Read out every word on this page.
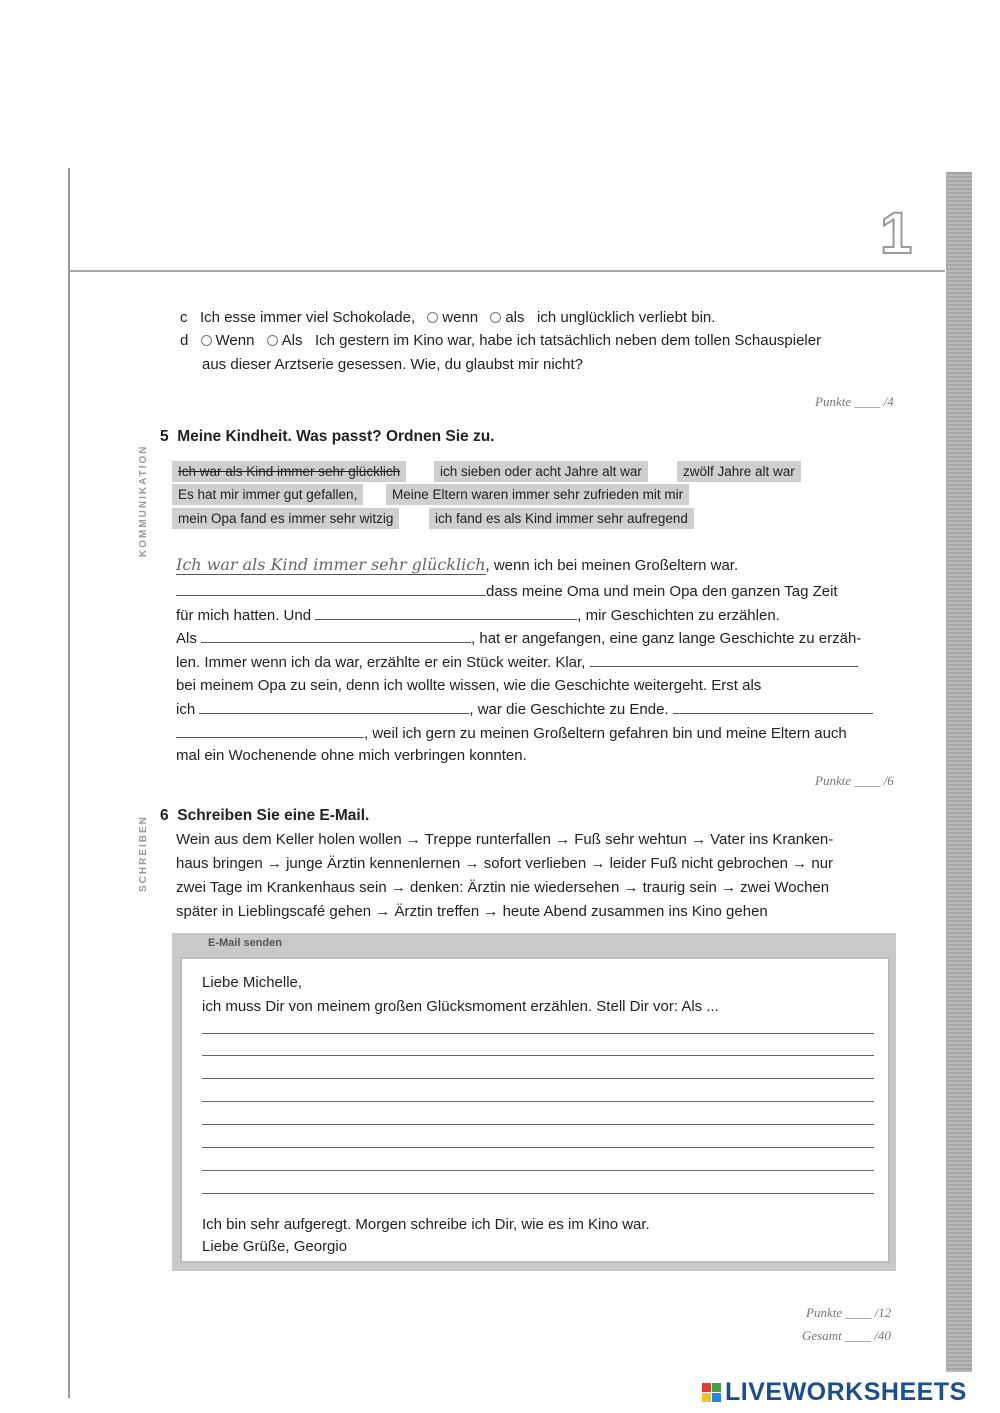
1
c Ich esse immer viel Schokolade, wenn als ich unglücklich verliebt bin.
d Wenn Als Ich gestern im Kino war, habe ich tatsächlich neben dem tollen Schauspieler
aus dieser Arztserie gesessen. Wie, du glaubst mir nicht?
Punkte ____ /4
KOMMUNIKATION
SCHREIBEN
5 Meine Kindheit. Was passt? Ordnen Sie zu.
Ich war als Kind immer sehr glücklich	ich sieben oder acht Jahre alt war	zwölf Jahre alt war
Es hat mir immer gut gefallen,	Meine Eltern waren immer sehr zufrieden mit mir
mein Opa fand es immer sehr witzig	ich fand es als Kind immer sehr aufregend
Ich war als Kind immer sehr glücklich, wenn ich bei meinen Großeltern war.
dass meine Oma und mein Opa den ganzen Tag Zeit
für mich hatten. Und	, mir Geschichten zu erzählen.
Als	, hat er angefangen, eine ganz lange Geschichte zu erzäh-
len. Immer wenn ich da war, erzählte er ein Stück weiter. Klar,
bei meinem Opa zu sein, denn ich wollte wissen, wie die Geschichte weitergeht. Erst als
ich	, war die Geschichte zu Ende.
, weil ich gern zu meinen Großeltern gefahren bin und meine Eltern auch
mal ein Wochenende ohne mich verbringen konnten.
Punkte ____ /6
6 Schreiben Sie eine E-Mail.
Wein aus dem Keller holen wollen → Treppe runterfallen → Fuß sehr wehtun → Vater ins Kranken-
haus bringen → junge Ärztin kennenlernen → sofort verlieben → leider Fuß nicht gebrochen → nur
zwei Tage im Krankenhaus sein → denken: Ärztin nie wiedersehen → traurig sein → zwei Wochen
später in Lieblingscafé gehen → Ärztin treffen → heute Abend zusammen ins Kino gehen
E-Mail senden
Liebe Michelle,
ich muss Dir von meinem großen Glücksmoment erzählen. Stell Dir vor: Als ...
Ich bin sehr aufgeregt. Morgen schreibe ich Dir, wie es im Kino war.
Liebe Grüße, Georgio
Punkte ____ /12
Gesamt ____ /40
LIVEWORKSHEETS
